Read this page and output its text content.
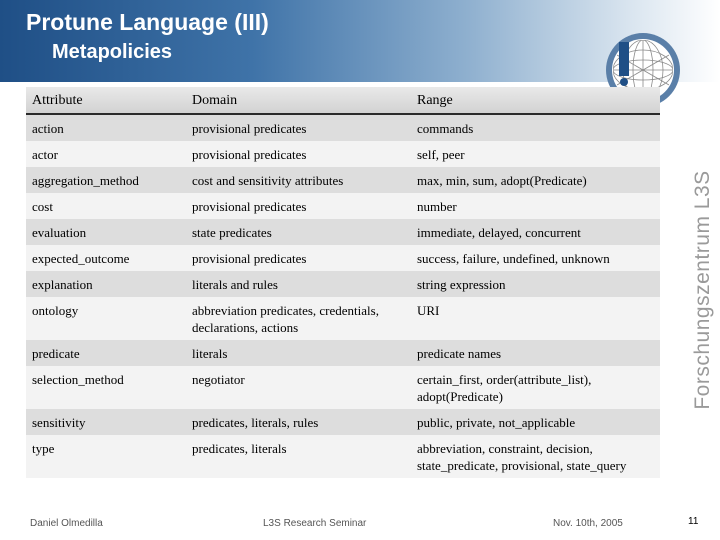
Protune Language (III)
Metapolicies
Forschungszentrum L3S
Attribute	Domain	Range
action	provisional predicates	commands
actor	provisional predicates	self, peer
aggregation_method	cost and sensitivity attributes	max, min, sum, adopt(Predicate)
cost	provisional predicates	number
evaluation	state predicates	immediate, delayed, concurrent
expected_outcome	provisional predicates	success, failure, undefined, unknown
explanation	literals and rules	string expression
ontology	abbreviation predicates, credentials, declarations, actions	URI
predicate	literals	predicate names
selection_method	negotiator	certain_first, order(attribute_list), adopt(Predicate)
sensitivity	predicates, literals, rules	public, private, not_applicable
type	predicates, literals	abbreviation, constraint, decision, state_predicate, provisional, state_query
Daniel Olmedilla	L3S Research Seminar	Nov. 10th, 2005	11
